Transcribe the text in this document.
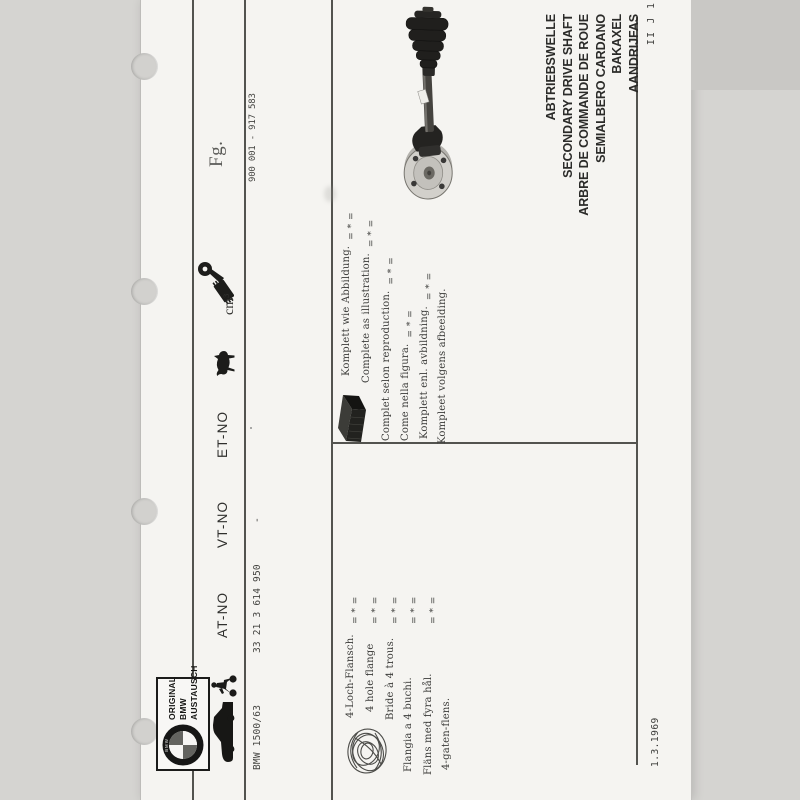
BMW
ORIGINAL BMW AUSTAUSCH
AT-NO
VT-NO
ET-NO
cm³
Fg.
BMW 1500/63
33 21 3 614 950
-
900 001 - 917 583
= * = = * = = * = = * = = * =
4-Loch-Flansch. 4 hole flange Bride à 4 trous. Flangia a 4 buchi. Fläns med fyra hål. 4-gaten-flens.
Komplett wie Abbildung.= * =
Complete as illustration.= * =
Complet selon reproduction.= * =
Come nella figura.= * = Komplett enl. avbildning.= * =
Kompleet volgens afbeelding.
ABTRIEBSWELLE SECONDARY DRIVE SHAFT ARBRE DE COMMANDE DE ROUE SEMIALBERO CARDANO BAKAXEL AANDRIJFAS
1.3.1969
II J 1
